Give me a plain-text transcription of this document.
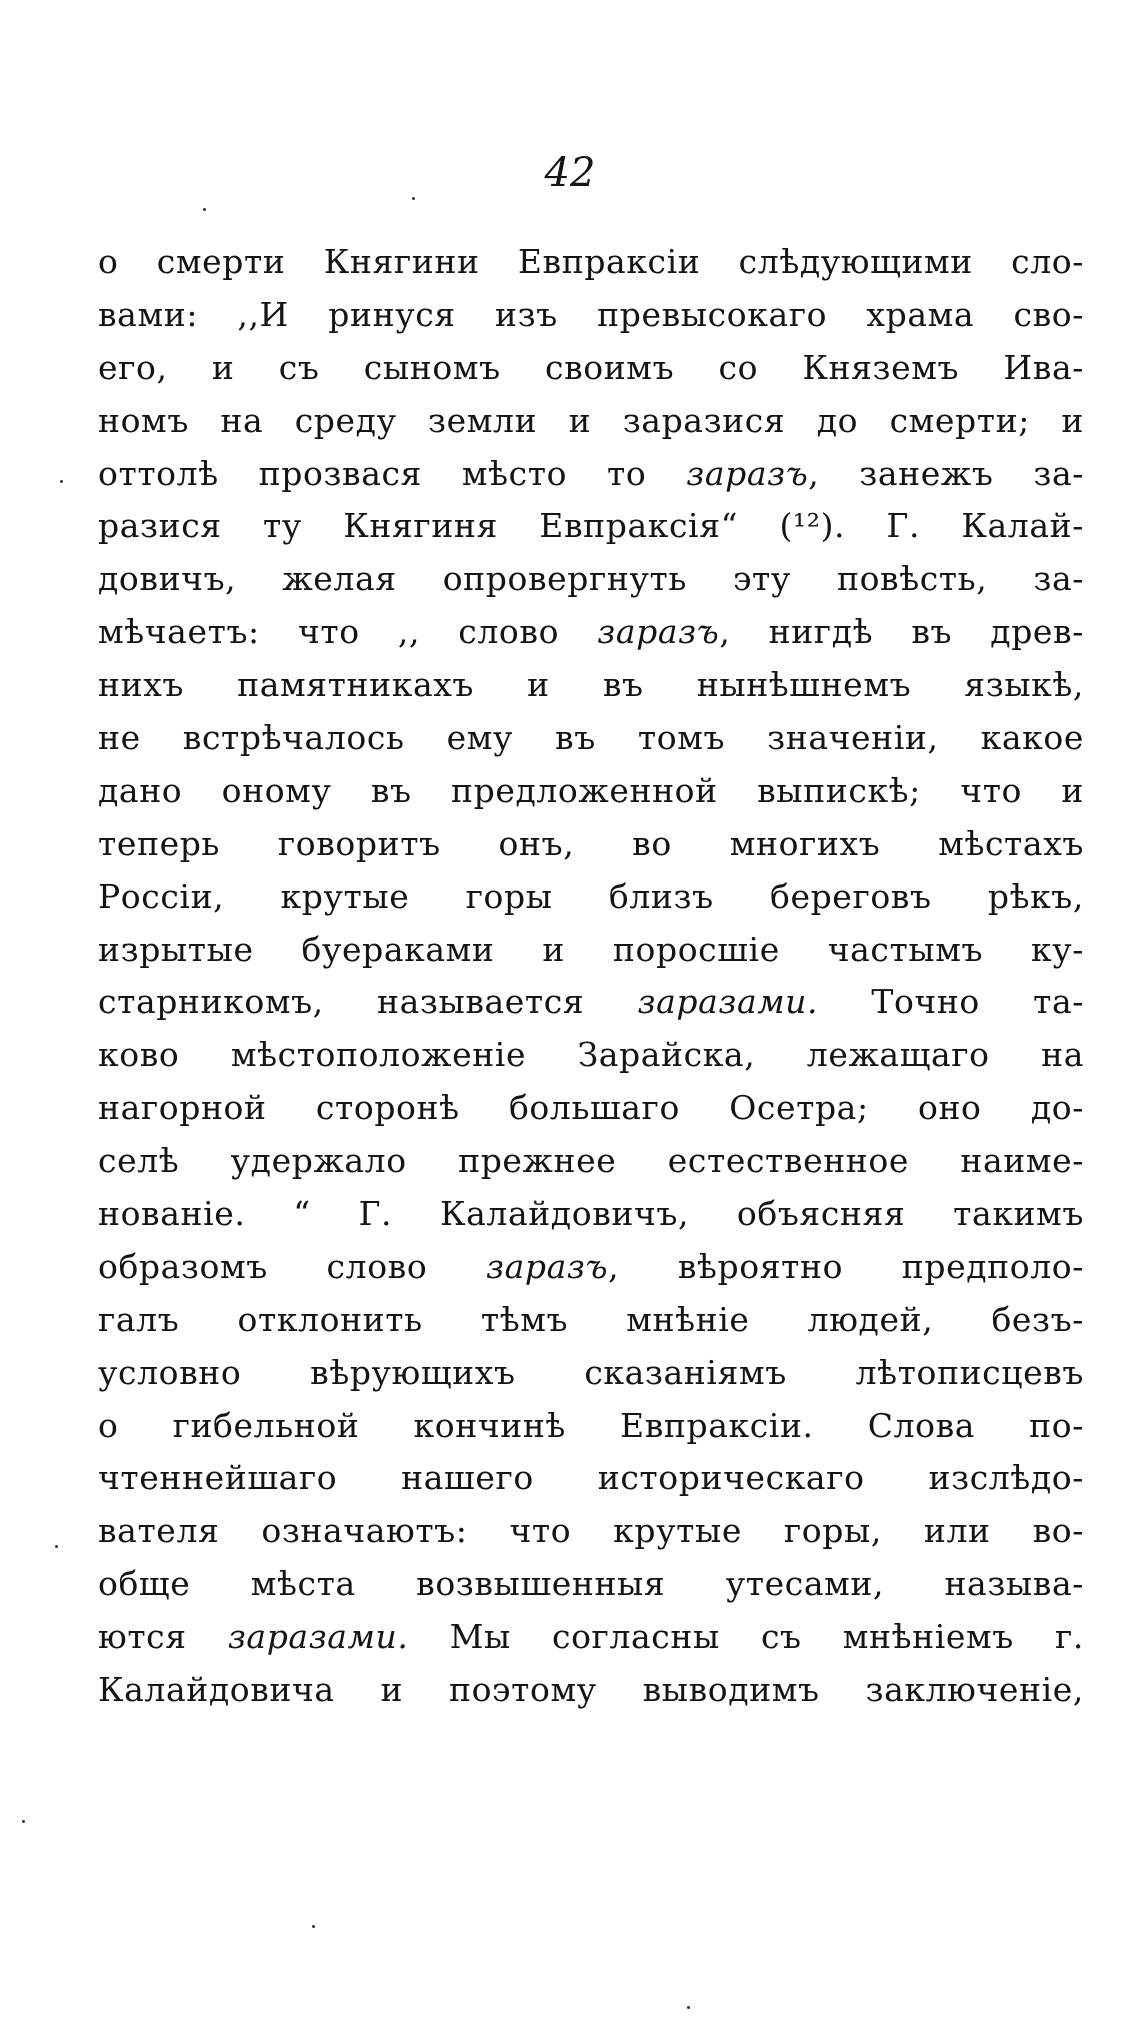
42
о смерти Княгини Евпраксіи слѣдующими сло-
вами: ,,И ринуся изъ превысокаго храма сво-
его, и съ сыномъ своимъ со Княземъ Ива-
номъ на среду земли и заразися до смерти; и
оттолѣ прозвася мѣсто то заразъ, занежъ за-
разися ту Княгиня Евпраксія“ (¹²). Г. Калай-
довичъ, желая опровергнуть эту повѣсть, за-
мѣчаетъ: что ,, слово заразъ, нигдѣ въ древ-
нихъ памятникахъ и въ нынѣшнемъ языкѣ,
не встрѣчалось ему въ томъ значеніи, какое
дано оному въ предложенной выпискѣ; что и
теперь говоритъ онъ, во многихъ мѣстахъ
Россіи, крутые горы близъ береговъ рѣкъ,
изрытые буераками и поросшіе частымъ ку-
старникомъ, называется заразами. Точно та-
ково мѣстоположеніе Зарайска, лежащаго на
нагорной сторонѣ большаго Осетра; оно до-
селѣ удержало прежнее естественное наиме-
нованіе. “ Г. Калайдовичъ, объясняя такимъ
образомъ слово заразъ, вѣроятно предполо-
галъ отклонить тѣмъ мнѣніе людей, безъ-
условно вѣрующихъ сказаніямъ лѣтописцевъ
о гибельной кончинѣ Евпраксіи. Слова по-
чтеннейшаго нашего историческаго изслѣдо-
вателя означаютъ: что крутые горы, или во-
обще мѣста возвышенныя утесами, называ-
ются заразами. Мы согласны съ мнѣніемъ г.
Калайдовича и поэтому выводимъ заключеніе,
